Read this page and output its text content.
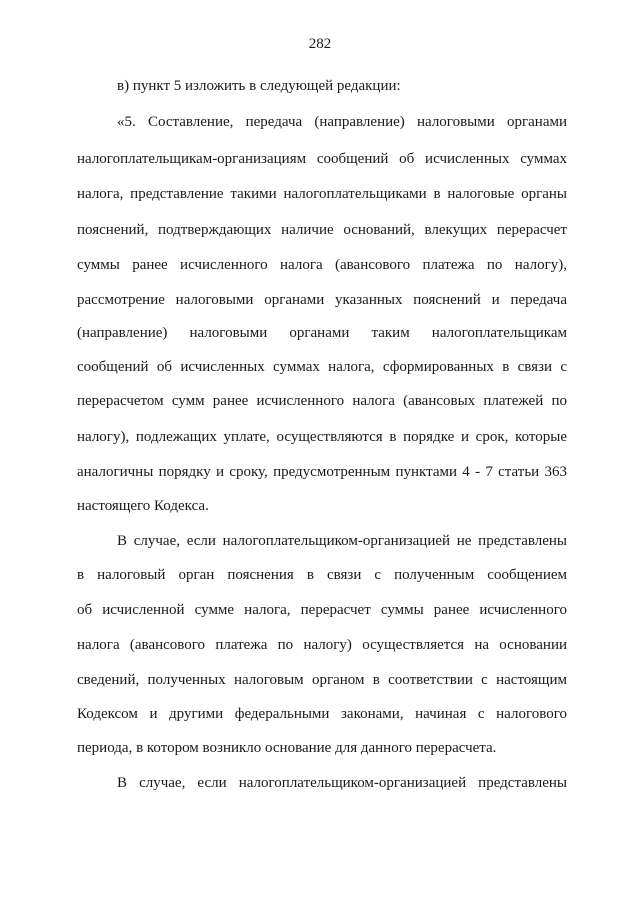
282
в) пункт 5 изложить в следующей редакции:
«5. Составление, передача (направление) налоговыми органами
налогоплательщикам-организациям сообщений об исчисленных суммах
налога, представление такими налогоплательщиками в налоговые органы
пояснений, подтверждающих наличие оснований, влекущих перерасчет
суммы ранее исчисленного налога (авансового платежа по налогу),
рассмотрение налоговыми органами указанных пояснений и передача
(направление) налоговыми органами таким налогоплательщикам
сообщений об исчисленных суммах налога, сформированных в связи с
перерасчетом сумм ранее исчисленного налога (авансовых платежей по
налогу), подлежащих уплате, осуществляются в порядке и срок, которые
аналогичны порядку и сроку, предусмотренным пунктами 4 - 7 статьи 363
настоящего Кодекса.
В случае, если налогоплательщиком-организацией не представлены
в налоговый орган пояснения в связи с полученным сообщением
об исчисленной сумме налога, перерасчет суммы ранее исчисленного
налога (авансового платежа по налогу) осуществляется на основании
сведений, полученных налоговым органом в соответствии с настоящим
Кодексом и другими федеральными законами, начиная с налогового
периода, в котором возникло основание для данного перерасчета.
В случае, если налогоплательщиком-организацией представлены
